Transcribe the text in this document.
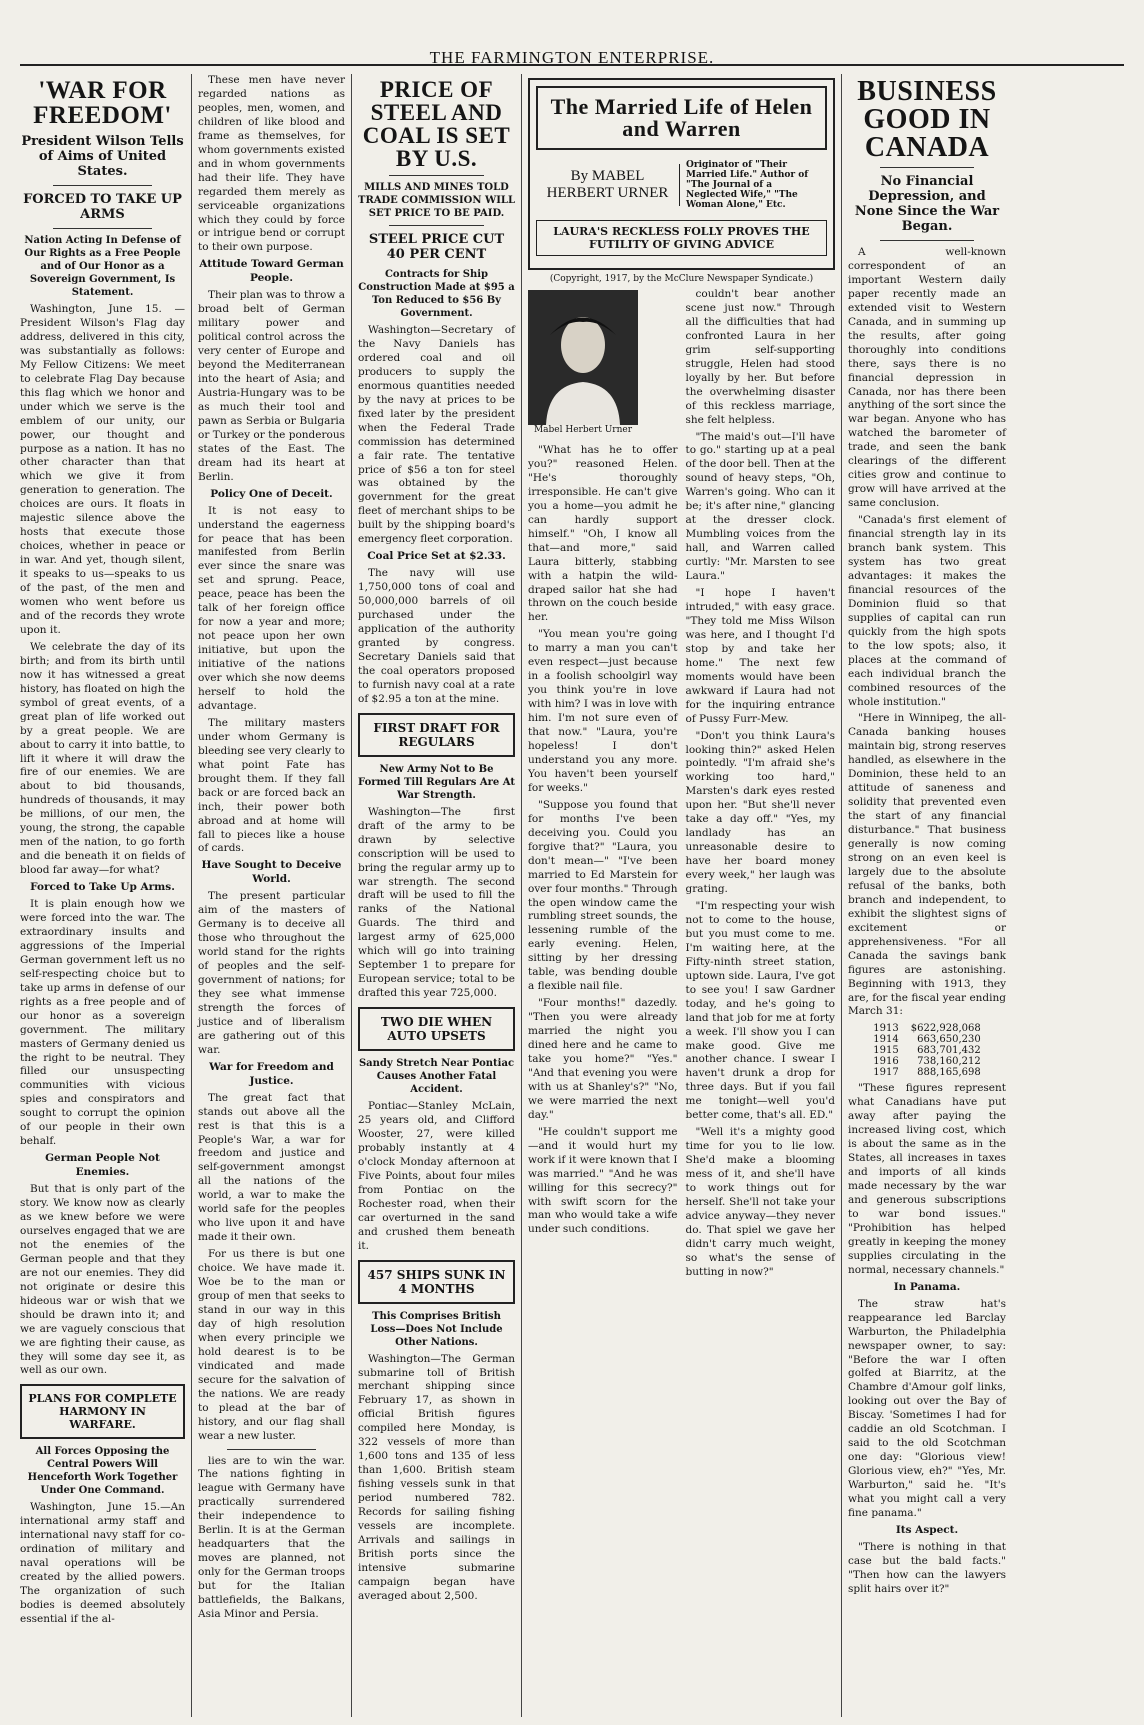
THE FARMINGTON ENTERPRISE.
'WAR FOR FREEDOM'
President Wilson Tells of Aims of United States.
FORCED TO TAKE UP ARMS
Nation Acting In Defense of Our Rights as a Free People and of Our Honor as a Sovereign Government, Is Statement.

Washington, June 15. — President Wilson's Flag day address, delivered in this city, was substantially as follows: My Fellow Citizens: We meet to celebrate Flag Day because this flag which we honor and under which we serve is the emblem of our unity, our power, our thought and purpose as a nation. It has no other character than that which we give it from generation to generation. The choices are ours. It floats in majestic silence above the hosts that execute those choices, whether in peace or in war. And yet, though silent, it speaks to us—speaks to us of the past, of the men and women who went before us and of the records they wrote upon it.

We celebrate the day of its birth; and from its birth until now it has witnessed a great history, has floated on high the symbol of great events, of a great plan of life worked out by a great people. We are about to carry it into battle, to lift it where it will draw the fire of our enemies. We are about to bid thousands, hundreds of thousands, it may be millions, of our men, the young, the strong, the capable men of the nation, to go forth and die beneath it on fields of blood far away—for what?

Forced to Take Up Arms.

It is plain enough how we were forced into the war. The extraordinary insults and aggressions of the Imperial German government left us no self-respecting choice but to take up arms in defense of our rights as a free people and of our honor as a sovereign government. The military masters of Germany denied us the right to be neutral. They filled our unsuspecting communities with vicious spies and conspirators and sought to corrupt the opinion of our people in their own behalf.

German People Not Enemies.

But that is only part of the story. We know now as clearly as we knew before we were ourselves engaged that we are not the enemies of the German people and that they are not our enemies. They did not originate or desire this hideous war or wish that we should be drawn into it; and we are vaguely conscious that we are fighting their cause, as they will some day see it, as well as our own.

PLANS FOR COMPLETE HARMONY IN WARFARE.
All Forces Opposing the Central Powers Will Henceforth Work Together Under One Command.

Washington, June 15.—An international army staff and international navy staff for co-ordination of military and naval operations will be created by the allied powers. The organization of such bodies is deemed absolutely essential if the al-

These men have never regarded nations as peoples, men, women, and children of like blood and frame as themselves, for whom governments existed and in whom governments had their life. They have regarded them merely as serviceable organizations which they could by force or intrigue bend or corrupt to their own purpose.

Attitude Toward German People.

Their plan was to throw a broad belt of German military power and political control across the very center of Europe and beyond the Mediterranean into the heart of Asia; and Austria-Hungary was to be as much their tool and pawn as Serbia or Bulgaria or Turkey or the ponderous states of the East. The dream had its heart at Berlin.

Policy One of Deceit.

It is not easy to understand the eagerness for peace that has been manifested from Berlin ever since the snare was set and sprung. Peace, peace, peace has been the talk of her foreign office for now a year and more; not peace upon her own initiative, but upon the initiative of the nations over which she now deems herself to hold the advantage.

The military masters under whom Germany is bleeding see very clearly to what point Fate has brought them. If they fall back or are forced back an inch, their power both abroad and at home will fall to pieces like a house of cards.

Have Sought to Deceive World.

The present particular aim of the masters of Germany is to deceive all those who throughout the world stand for the rights of peoples and the self-government of nations; for they see what immense strength the forces of justice and of liberalism are gathering out of this war.

War for Freedom and Justice.

The great fact that stands out above all the rest is that this is a People's War, a war for freedom and justice and self-government amongst all the nations of the world, a war to make the world safe for the peoples who live upon it and have made it their own.

For us there is but one choice. We have made it. Woe be to the man or group of men that seeks to stand in our way in this day of high resolution when every principle we hold dearest is to be vindicated and made secure for the salvation of the nations. We are ready to plead at the bar of history, and our flag shall wear a new luster.

lies are to win the war. The nations fighting in league with Germany have practically surrendered their independence to Berlin. It is at the German headquarters that the moves are planned, not only for the German troops but for the Italian battlefields, the Balkans, Asia Minor and Persia.

PRICE OF STEEL AND COAL IS SET BY U.S.
MILLS AND MINES TOLD TRADE COMMISSION WILL SET PRICE TO BE PAID.
STEEL PRICE CUT 40 PER CENT
Contracts for Ship Construction Made at $95 a Ton Reduced to $56 By Government.

Washington—Secretary of the Navy Daniels has ordered coal and oil producers to supply the enormous quantities needed by the navy at prices to be fixed later by the president when the Federal Trade commission has determined a fair rate. The tentative price of $56 a ton for steel was obtained by the government for the great fleet of merchant ships to be built by the shipping board's emergency fleet corporation.

Coal Price Set at $2.33.

The navy will use 1,750,000 tons of coal and 50,000,000 barrels of oil purchased under the application of the authority granted by congress. Secretary Daniels said that the coal operators proposed to furnish navy coal at a rate of $2.95 a ton at the mine.

FIRST DRAFT FOR REGULARS
New Army Not to Be Formed Till Regulars Are At War Strength.

Washington—The first draft of the army to be drawn by selective conscription will be used to bring the regular army up to war strength. The second draft will be used to fill the ranks of the National Guards. The third and largest army of 625,000 which will go into training September 1 to prepare for European service; total to be drafted this year 725,000.

TWO DIE WHEN AUTO UPSETS
Sandy Stretch Near Pontiac Causes Another Fatal Accident.

Pontiac—Stanley McLain, 25 years old, and Clifford Wooster, 27, were killed probably instantly at 4 o'clock Monday afternoon at Five Points, about four miles from Pontiac on the Rochester road, when their car overturned in the sand and crushed them beneath it.

457 SHIPS SUNK IN 4 MONTHS
This Comprises British Loss—Does Not Include Other Nations.

Washington—The German submarine toll of British merchant shipping since February 17, as shown in official British figures compiled here Monday, is 322 vessels of more than 1,600 tons and 135 of less than 1,600. British steam fishing vessels sunk in that period numbered 782. Records for sailing fishing vessels are incomplete. Arrivals and sailings in British ports since the intensive submarine campaign began have averaged about 2,500.

The Married Life of Helen and Warren
By MABEL HERBERT URNER
Originator of "Their Married Life." Author of "The Journal of a Neglected Wife," "The Woman Alone," Etc.
LAURA'S RECKLESS FOLLY PROVES THE FUTILITY OF GIVING ADVICE
(Copyright, 1917, by the McClure Newspaper Syndicate.)
Mabel Herbert Urner

"What has he to offer you?" reasoned Helen. "He's thoroughly irresponsible. He can't give you a home—you admit he can hardly support himself." "Oh, I know all that—and more," said Laura bitterly, stabbing with a hatpin the wild-draped sailor hat she had thrown on the couch beside her.

"You mean you're going to marry a man you can't even respect—just because in a foolish schoolgirl way you think you're in love with him? I was in love with him. I'm not sure even of that now." "Laura, you're hopeless! I don't understand you any more. You haven't been yourself for weeks."

"Suppose you found that for months I've been deceiving you. Could you forgive that?" "Laura, you don't mean—" "I've been married to Ed Marstein for over four months." Through the open window came the rumbling street sounds, the lessening rumble of the early evening. Helen, sitting by her dressing table, was bending double a flexible nail file.

"Four months!" dazedly. "Then you were already married the night you dined here and he came to take you home?" "Yes." "And that evening you were with us at Shanley's?" "No, we were married the next day."

"He couldn't support me—and it would hurt my work if it were known that I was married." "And he was willing for this secrecy?" with swift scorn for the man who would take a wife under such conditions.

couldn't bear another scene just now." Through all the difficulties that had confronted Laura in her grim self-supporting struggle, Helen had stood loyally by her. But before the overwhelming disaster of this reckless marriage, she felt helpless.

"The maid's out—I'll have to go." starting up at a peal of the door bell. Then at the sound of heavy steps, "Oh, Warren's going. Who can it be; it's after nine," glancing at the dresser clock. Mumbling voices from the hall, and Warren called curtly: "Mr. Marsten to see Laura."

"I hope I haven't intruded," with easy grace. "They told me Miss Wilson was here, and I thought I'd stop by and take her home." The next few moments would have been awkward if Laura had not for the inquiring entrance of Pussy Furr-Mew.

"Don't you think Laura's looking thin?" asked Helen pointedly. "I'm afraid she's working too hard," Marsten's dark eyes rested upon her. "But she'll never take a day off." "Yes, my landlady has an unreasonable desire to have her board money every week," her laugh was grating.

"I'm respecting your wish not to come to the house, but you must come to me. I'm waiting here, at the Fifty-ninth street station, uptown side. Laura, I've got to see you! I saw Gardner today, and he's going to land that job for me at forty a week. I'll show you I can make good. Give me another chance. I swear I haven't drunk a drop for three days. But if you fail me tonight—well you'd better come, that's all. ED."

"Well it's a mighty good time for you to lie low. She'd make a blooming mess of it, and she'll have to work things out for herself. She'll not take your advice anyway—they never do. That spiel we gave her didn't carry much weight, so what's the sense of butting in now?"

BUSINESS GOOD IN CANADA
No Financial Depression, and None Since the War Began.

A well-known correspondent of an important Western daily paper recently made an extended visit to Western Canada, and in summing up the results, after going thoroughly into conditions there, says there is no financial depression in Canada, nor has there been anything of the sort since the war began. Anyone who has watched the barometer of trade, and seen the bank clearings of the different cities grow and continue to grow will have arrived at the same conclusion.

"Canada's first element of financial strength lay in its branch bank system. This system has two great advantages: it makes the financial resources of the Dominion fluid so that supplies of capital can run quickly from the high spots to the low spots; also, it places at the command of each individual branch the combined resources of the whole institution."

"Here in Winnipeg, the all-Canada banking houses maintain big, strong reserves handled, as elsewhere in the Dominion, these held to an attitude of saneness and solidity that prevented even the start of any financial disturbance." That business generally is now coming strong on an even keel is largely due to the absolute refusal of the banks, both branch and independent, to exhibit the slightest signs of excitement or apprehensiveness. "For all Canada the savings bank figures are astonishing. Beginning with 1913, they are, for the fiscal year ending March 31:

1913	$622,928,068
1914	663,650,230
1915	683,701,432
1916	738,160,212
1917	888,165,698

"These figures represent what Canadians have put away after paying the increased living cost, which is about the same as in the States, all increases in taxes and imports of all kinds made necessary by the war and generous subscriptions to war bond issues." "Prohibition has helped greatly in keeping the money supplies circulating in the normal, necessary channels."

In Panama.

The straw hat's reappearance led Barclay Warburton, the Philadelphia newspaper owner, to say: "Before the war I often golfed at Biarritz, at the Chambre d'Amour golf links, looking out over the Bay of Biscay. 'Sometimes I had for caddie an old Scotchman. I said to the old Scotchman one day: "Glorious view! Glorious view, eh?" "Yes, Mr. Warburton," said he. "It's what you might call a very fine panama."

Its Aspect.

"There is nothing in that case but the bald facts." "Then how can the lawyers split hairs over it?"
